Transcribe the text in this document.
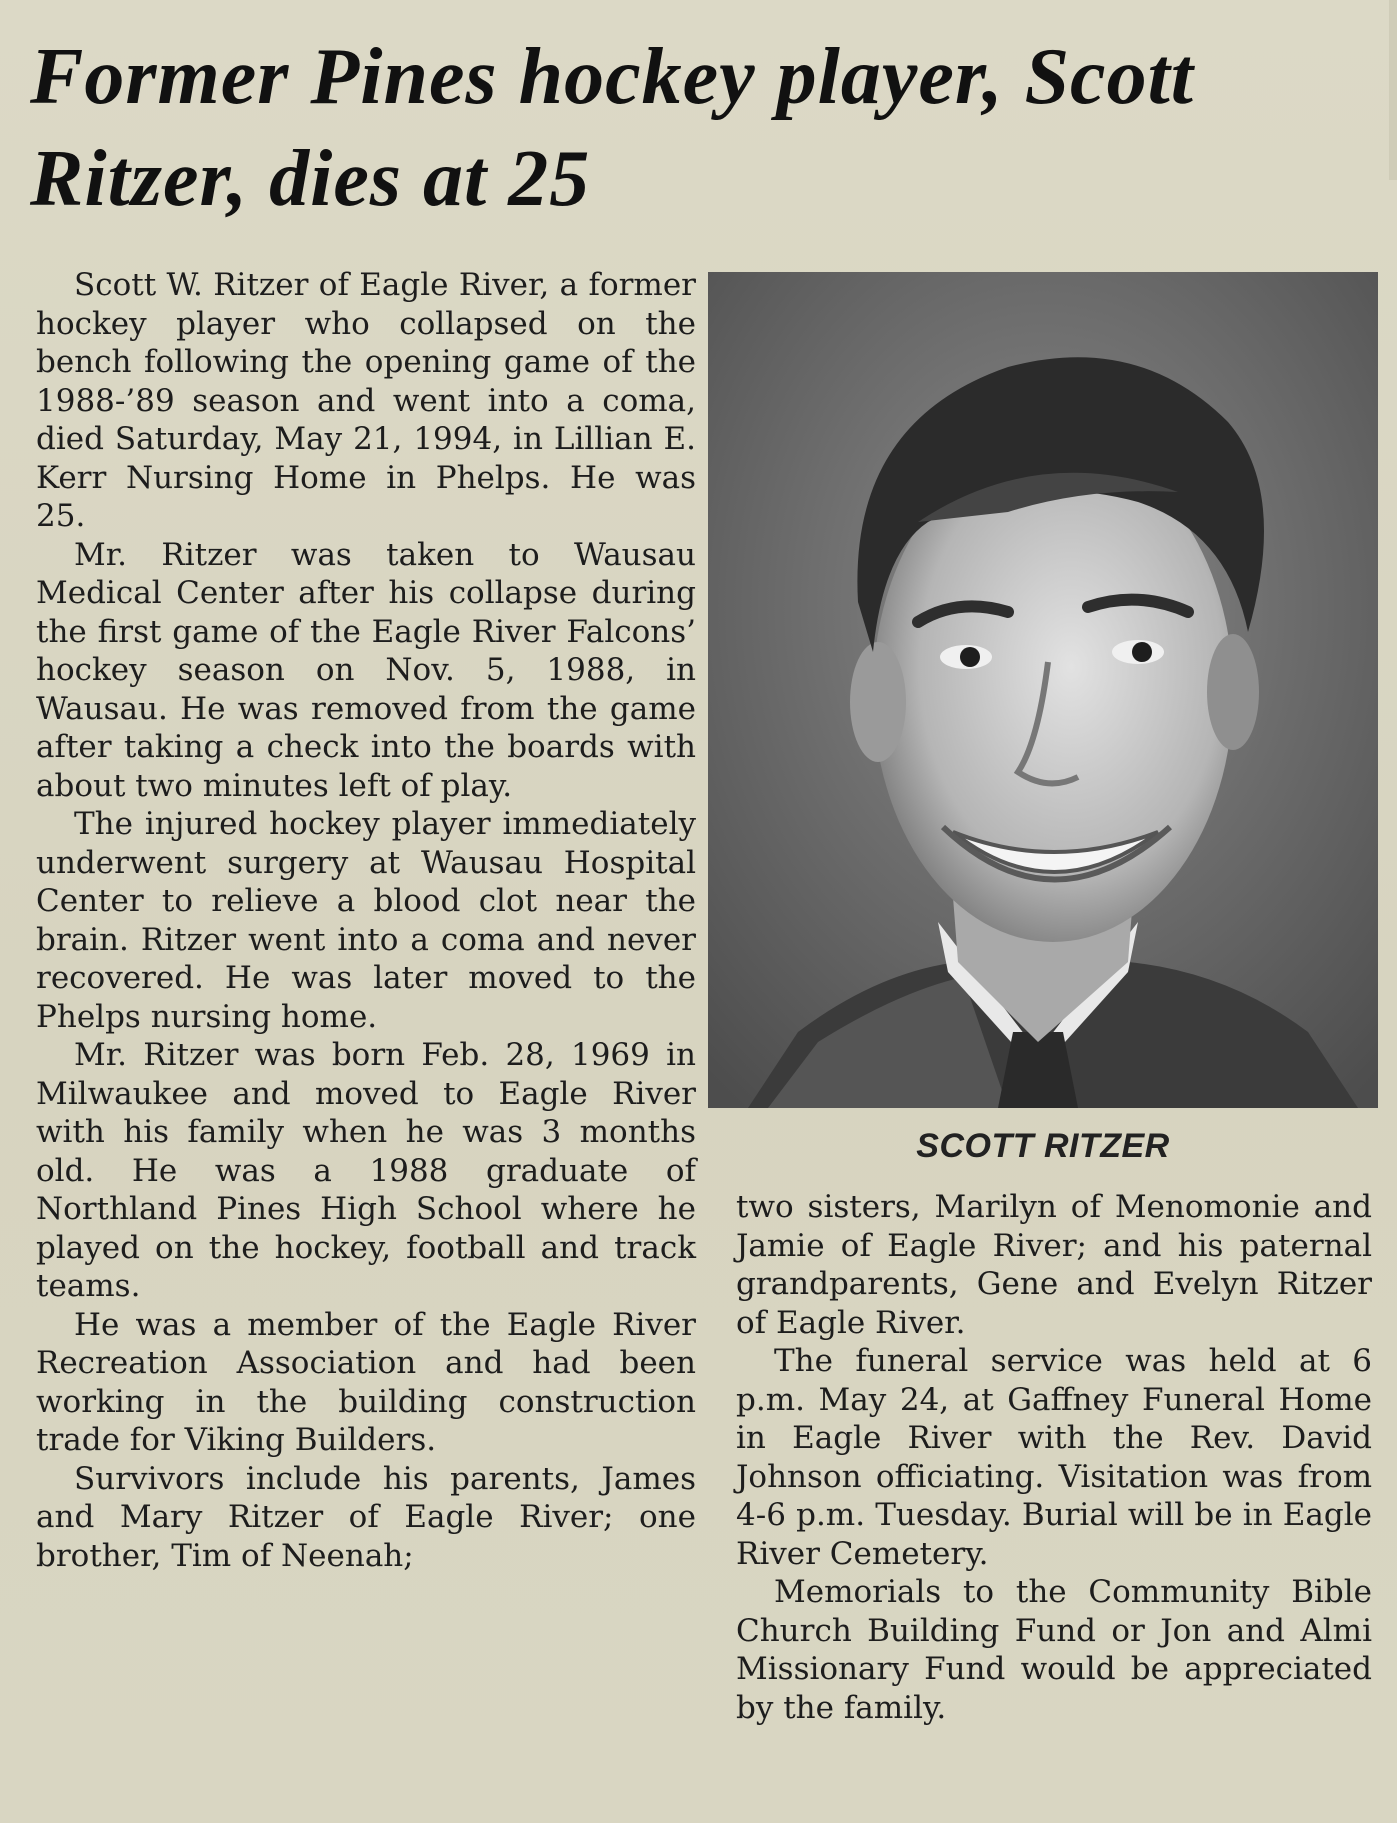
Former Pines hockey player, Scott Ritzer, dies at 25

Scott W. Ritzer of Eagle River, a former hockey player who collapsed on the bench following the opening game of the 1988-’89 season and went into a coma, died Saturday, May 21, 1994, in Lillian E. Kerr Nursing Home in Phelps. He was 25.

Mr. Ritzer was taken to Wausau Medical Center after his collapse during the first game of the Eagle River Falcons’ hockey season on Nov. 5, 1988, in Wausau. He was removed from the game after taking a check into the boards with about two minutes left of play.

The injured hockey player immediately underwent surgery at Wausau Hospital Center to relieve a blood clot near the brain. Ritzer went into a coma and never recovered. He was later moved to the Phelps nursing home.

Mr. Ritzer was born Feb. 28, 1969 in Milwaukee and moved to Eagle River with his family when he was 3 months old. He was a 1988 graduate of Northland Pines High School where he played on the hockey, football and track teams.

He was a member of the Eagle River Recreation Association and had been working in the building construction trade for Viking Builders.

Survivors include his parents, James and Mary Ritzer of Eagle River; one brother, Tim of Neenah;

SCOTT RITZER

two sisters, Marilyn of Menomonie and Jamie of Eagle River; and his paternal grandparents, Gene and Evelyn Ritzer of Eagle River.

The funeral service was held at 6 p.m. May 24, at Gaffney Funeral Home in Eagle River with the Rev. David Johnson officiating. Visitation was from 4-6 p.m. Tuesday. Burial will be in Eagle River Cemetery.

Memorials to the Community Bible Church Building Fund or Jon and Almi Missionary Fund would be appreciated by the family.
